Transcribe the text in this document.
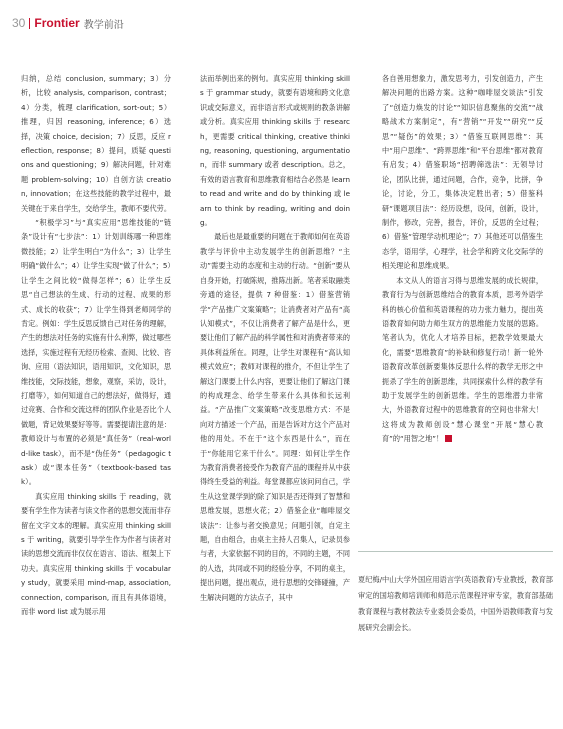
30 Frontier 教学前沿

归纳，总结 conclusion, summary；3）分析，比较 analysis, comparison, contrast；4）分类，梳理 clarification, sort-out；5）推理，归因 reasoning, inference；6）选择，决策 choice, decision；7）反思，反应 reflection, response；8）提问，质疑 questions and questioning；9）解决问题，针对难题 problem-solving；10）自创方法 creation, innovation；在这些技能的教学过程中，最关键在于来自学生，交给学生，教师不要代劳。

“积极学习”与“真实应用”思维技能的“链条”设计有“七步法”：1）计划训练哪一种思维微技能；2）让学生明白“为什么”；3）让学生明确“做什么”；4）让学生实现“做了什么”；5）让学生之间比较“做得怎样”；6）让学生反思“自己想法的生成、行动的过程、成果的形式、成长的收获”；7）让学生得到老师同学的肯定。例如：学生反思反馈自己对任务的理解，产生的想法对任务的实施有什么利弊，做过哪些选择，实施过程有无经历检索、查阅、比较、咨询、应用（语法知识，语用知识，文化知识，思维技能，交际技能，想象，观察，采访，设计，打磨等），如何知道自己的想法好，做得好，通过竞赛、合作和交流这样的团队作业是否比个人做题，背记效果要好等等。需要提请注意的是：教师设计与布置的必须是“真任务”（real-world-like task），而不是“伪任务”（pedagogic task）或“课本任务”（textbook-based task）。

真实应用 thinking skills 于 reading，就要有学生作为读者与读文作者的思想交流而非存留在文字文本的理解。真实应用 thinking skills 于 writing，就要引导学生作为作者与读者对读的思想交流而非仅仅在语言、语法、框架上下功夫。真实应用 thinking skills 于 vocabulary study，就要采用 mind-map, association, connection, comparison, 而且有具体语境，而非 word list 或为展示用

法而举例出来的例句。真实应用 thinking skills 于 grammar study，就要有语境和跨文化意识或交际意义，而非语言形式或规则的教条讲解或分析。真实应用 thinking skills 于 research，更需要 critical thinking, creative thinking, reasoning, questioning, argumentation，而非 summary 或者 description。总之，有效的语言教育和思维教育相结合必然是 learn to read and write and do by thinking 或 learn to think by reading, writing and doing。

最后也是最重要的问题在于教师如何在英语教学与评价中主动发展学生的创新思维？“主动”需要主动的态度和主动的行动。“创新”要从自身开始，打破陈规，推陈出新。笔者采取融类旁通的途径，提供 7 种借鉴：1）借鉴营销学“产品推广文案策略”；让消费者对产品有“高认知模式”，不仅让消费者了解产品是什么，更要让他们了解产品的科学属性和对消费者带来的具体利益所在。同理，让学生对课程有“高认知模式效应”；教师对课程的推介，不但让学生了解这门课要上什么内容，更要让他们了解这门课的构成理念、给学生带来什么具体和长远利益。“产品推广文案策略”改变思维方式：不是向对方描述一个产品，而是告诉对方这个产品对他的用处。不在于“这个东西是什么”，而在于“你能用它来干什么”。同理：如何让学生作为教育消费者接受作为教育产品的课程并从中获得终生受益的利益。每堂课都应该问问自己，学生从这堂课学到的除了知识是否还得到了智慧和思维发展，思想火花；2）借鉴企业“咖啡屋交谈法”：让参与者交换意见；问题引领，自定主题，自由组合，由桌主主持人召集人，记录员参与者，大家依据不同的目的，不同的主题，不同的人选，共同或不同的经验分享，不同的桌主，提出问题，提出观点，进行思想的交锋碰撞，产生解决问题的方法点子，其中

各自善用想象力，激发思考力，引发创造力，产生解决问题的出路方案。这种“咖啡屋交谈法”引发了“创造力焕发的讨论”“知识信息聚焦的交流”“战略战术方案制定”，有“营销”“开发”“研究”“反思”“疑伤”的效果；3）“借鉴互联网思维”：其中“用户思维”、“跨界思维”和“平台思维”都对教育有启发；4）借鉴职场“招聘筛选法”：无领导讨论，团队比拼，通过问题，合作，竞争，比拼，争论，讨论，分工，集体决定胜出者；5）借鉴科研“课题项目法”：经历设想，设问，创新，设计，制作，修改，完善，报告，评价，反思的全过程；6）借鉴“管理学动机理论”；7）其他还可以借鉴生态学，语用学，心理学，社会学和跨文化交际学的相关理论和思维成果。

本文从人的语言习得与思维发展的成长规律，教育行为与创新思维结合的教育本质，思考外语学科的核心价值和英语课程的功力张力魅力，提出英语教育如何助力师生双方的思维能力发展的思路。笔者认为，优化人才培养目标，把教学效果最大化，需要“思维教育”的补缺和修复行动！新一轮外语教育改革创新要集体反思什么样的教学无形之中扼杀了学生的创新思维，共同探索什么样的教学有助于发展学生的创新思维。学生的思维潜力非常大，外语教育过程中的思维教育的空间也非常大！这将成为教师创设“慧心课堂”开展“慧心教育”的“用智之地”！

夏纪梅/中山大学外国应用语言学(英语教育)专业教授，教育部审定的国培教师培训师和师范示范课程评审专家，教育部基础教育课程与教材教法专业委员会委员，中国外语教师教育与发展研究会副会长。
